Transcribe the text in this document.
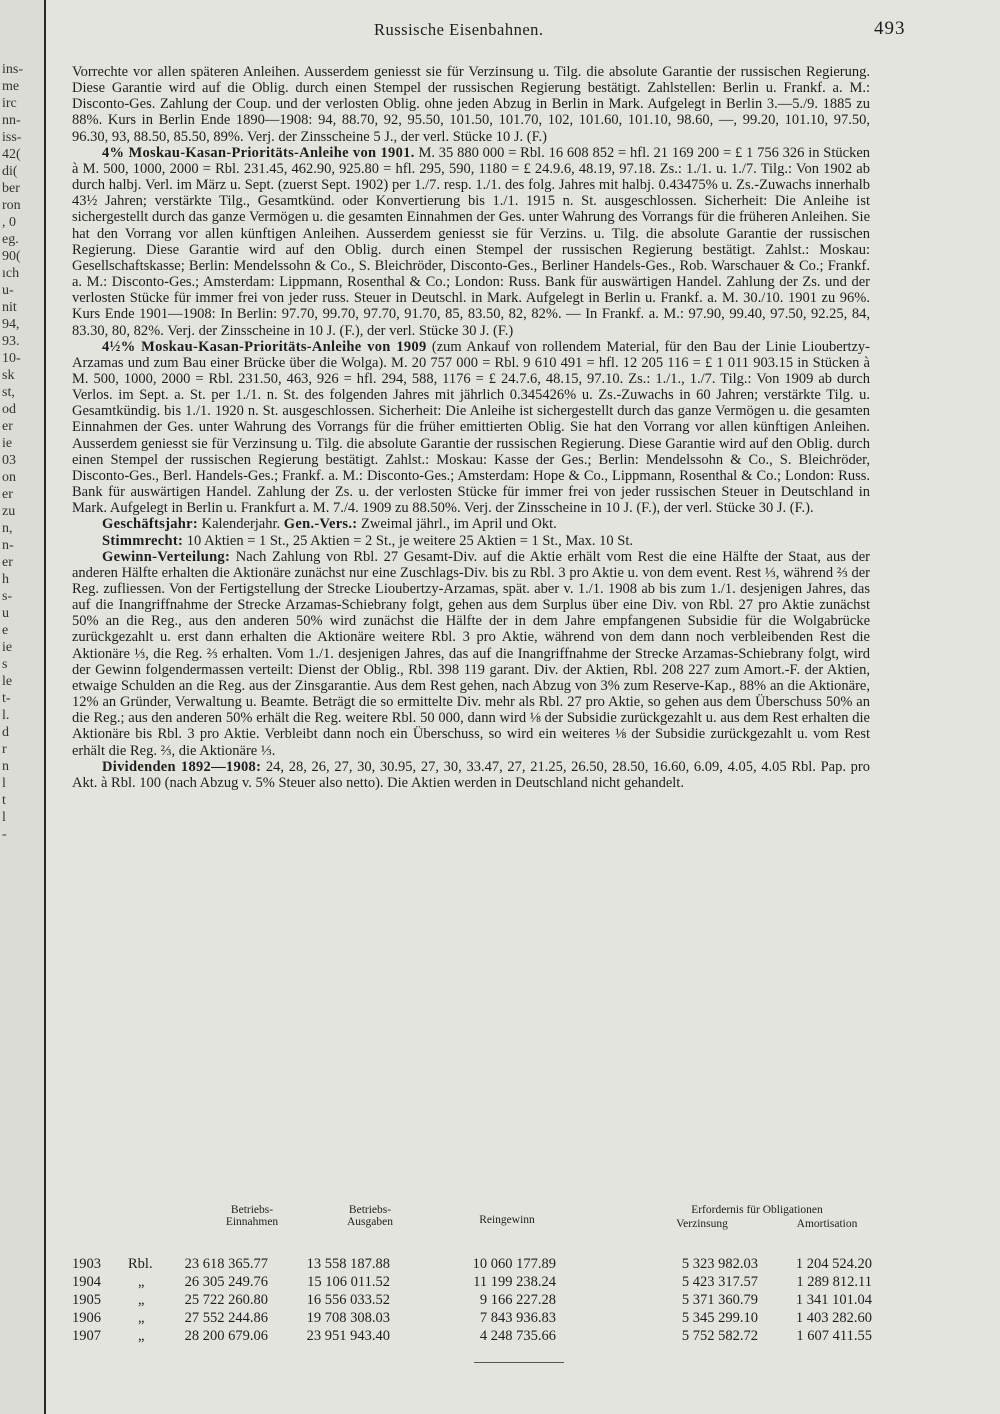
ins-
me
irc
nn-
iss-
42(
di(
ber
ron
, 0
eg.
90(
ıch
u-
nit
94,
93.
10-
sk
st,
od
er
ie
03
on
er
zu
n,
n-
er
h
s-
u
e
ie
s
le
t-
l.
d
r
n
l
t
l
-
Russische Eisenbahnen.	493

Vorrechte vor allen späteren Anleihen. Ausserdem geniesst sie für Verzinsung u. Tilg. die absolute Garantie der russischen Regierung. Diese Garantie wird auf die Oblig. durch einen Stempel der russischen Regierung bestätigt. Zahlstellen: Berlin u. Frankf. a. M.: Disconto-Ges. Zahlung der Coup. und der verlosten Oblig. ohne jeden Abzug in Berlin in Mark. Aufgelegt in Berlin 3.—5./9. 1885 zu 88%. Kurs in Berlin Ende 1890—1908: 94, 88.70, 92, 95.50, 101.50, 101.70, 102, 101.60, 101.10, 98.60, —, 99.20, 101.10, 97.50, 96.30, 93, 88.50, 85.50, 89%. Verj. der Zinsscheine 5 J., der verl. Stücke 10 J. (F.)

4% Moskau-Kasan-Prioritäts-Anleihe von 1901. M. 35 880 000 = Rbl. 16 608 852 = hfl. 21 169 200 = £ 1 756 326 in Stücken à M. 500, 1000, 2000 = Rbl. 231.45, 462.90, 925.80 = hfl. 295, 590, 1180 = £ 24.9.6, 48.19, 97.18. Zs.: 1./1. u. 1./7. Tilg.: Von 1902 ab durch halbj. Verl. im März u. Sept. (zuerst Sept. 1902) per 1./7. resp. 1./1. des folg. Jahres mit halbj. 0.43475% u. Zs.-Zuwachs innerhalb 43½ Jahren; verstärkte Tilg., Gesamtkünd. oder Konvertierung bis 1./1. 1915 n. St. ausgeschlossen. Sicherheit: Die Anleihe ist sichergestellt durch das ganze Vermögen u. die gesamten Einnahmen der Ges. unter Wahrung des Vorrangs für die früheren Anleihen. Sie hat den Vorrang vor allen künftigen Anleihen. Ausserdem geniesst sie für Verzins. u. Tilg. die absolute Garantie der russischen Regierung. Diese Garantie wird auf den Oblig. durch einen Stempel der russischen Regierung bestätigt. Zahlst.: Moskau: Gesellschaftskasse; Berlin: Mendelssohn & Co., S. Bleichröder, Disconto-Ges., Berliner Handels-Ges., Rob. Warschauer & Co.; Frankf. a. M.: Disconto-Ges.; Amsterdam: Lippmann, Rosenthal & Co.; London: Russ. Bank für auswärtigen Handel. Zahlung der Zs. und der verlosten Stücke für immer frei von jeder russ. Steuer in Deutschl. in Mark. Aufgelegt in Berlin u. Frankf. a. M. 30./10. 1901 zu 96%. Kurs Ende 1901—1908: In Berlin: 97.70, 99.70, 97.70, 91.70, 85, 83.50, 82, 82%. — In Frankf. a. M.: 97.90, 99.40, 97.50, 92.25, 84, 83.30, 80, 82%. Verj. der Zinsscheine in 10 J. (F.), der verl. Stücke 30 J. (F.)

4½% Moskau-Kasan-Prioritäts-Anleihe von 1909 (zum Ankauf von rollendem Material, für den Bau der Linie Lioubertzy-Arzamas und zum Bau einer Brücke über die Wolga). M. 20 757 000 = Rbl. 9 610 491 = hfl. 12 205 116 = £ 1 011 903.15 in Stücken à M. 500, 1000, 2000 = Rbl. 231.50, 463, 926 = hfl. 294, 588, 1176 = £ 24.7.6, 48.15, 97.10. Zs.: 1./1., 1./7. Tilg.: Von 1909 ab durch Verlos. im Sept. a. St. per 1./1. n. St. des folgenden Jahres mit jährlich 0.345426% u. Zs.-Zuwachs in 60 Jahren; verstärkte Tilg. u. Gesamtkündig. bis 1./1. 1920 n. St. ausgeschlossen. Sicherheit: Die Anleihe ist sichergestellt durch das ganze Vermögen u. die gesamten Einnahmen der Ges. unter Wahrung des Vorrangs für die früher emittierten Oblig. Sie hat den Vorrang vor allen künftigen Anleihen. Ausserdem geniesst sie für Verzinsung u. Tilg. die absolute Garantie der russischen Regierung. Diese Garantie wird auf den Oblig. durch einen Stempel der russischen Regierung bestätigt. Zahlst.: Moskau: Kasse der Ges.; Berlin: Mendelssohn & Co., S. Bleichröder, Disconto-Ges., Berl. Handels-Ges.; Frankf. a. M.: Disconto-Ges.; Amsterdam: Hope & Co., Lippmann, Rosenthal & Co.; London: Russ. Bank für auswärtigen Handel. Zahlung der Zs. u. der verlosten Stücke für immer frei von jeder russischen Steuer in Deutschland in Mark. Aufgelegt in Berlin u. Frankfurt a. M. 7./4. 1909 zu 88.50%. Verj. der Zinsscheine in 10 J. (F.), der verl. Stücke 30 J. (F.).

Geschäftsjahr: Kalenderjahr. Gen.-Vers.: Zweimal jährl., im April und Okt.

Stimmrecht: 10 Aktien = 1 St., 25 Aktien = 2 St., je weitere 25 Aktien = 1 St., Max. 10 St.

Gewinn-Verteilung: Nach Zahlung von Rbl. 27 Gesamt-Div. auf die Aktie erhält vom Rest die eine Hälfte der Staat, aus der anderen Hälfte erhalten die Aktionäre zunächst nur eine Zuschlags-Div. bis zu Rbl. 3 pro Aktie u. von dem event. Rest ⅓, während ⅔ der Reg. zufliessen. Von der Fertigstellung der Strecke Lioubertzy-Arzamas, spät. aber v. 1./1. 1908 ab bis zum 1./1. desjenigen Jahres, das auf die Inangriffnahme der Strecke Arzamas-Schiebrany folgt, gehen aus dem Surplus über eine Div. von Rbl. 27 pro Aktie zunächst 50% an die Reg., aus den anderen 50% wird zunächst die Hälfte der in dem Jahre empfangenen Subsidie für die Wolgabrücke zurückgezahlt u. erst dann erhalten die Aktionäre weitere Rbl. 3 pro Aktie, während von dem dann noch verbleibenden Rest die Aktionäre ⅓, die Reg. ⅔ erhalten. Vom 1./1. desjenigen Jahres, das auf die Inangriffnahme der Strecke Arzamas-Schiebrany folgt, wird der Gewinn folgendermassen verteilt: Dienst der Oblig., Rbl. 398 119 garant. Div. der Aktien, Rbl. 208 227 zum Amort.-F. der Aktien, etwaige Schulden an die Reg. aus der Zinsgarantie. Aus dem Rest gehen, nach Abzug von 3% zum Reserve-Kap., 88% an die Aktionäre, 12% an Gründer, Verwaltung u. Beamte. Beträgt die so ermittelte Div. mehr als Rbl. 27 pro Aktie, so gehen aus dem Überschuss 50% an die Reg.; aus den anderen 50% erhält die Reg. weitere Rbl. 50 000, dann wird ⅛ der Subsidie zurückgezahlt u. aus dem Rest erhalten die Aktionäre bis Rbl. 3 pro Aktie. Verbleibt dann noch ein Überschuss, so wird ein weiteres ⅛ der Subsidie zurückgezahlt u. vom Rest erhält die Reg. ⅔, die Aktionäre ⅓.

Dividenden 1892—1908: 24, 28, 26, 27, 30, 30.95, 27, 30, 33.47, 27, 21.25, 26.50, 28.50, 16.60, 6.09, 4.05, 4.05 Rbl. Pap. pro Akt. à Rbl. 100 (nach Abzug v. 5% Steuer also netto). Die Aktien werden in Deutschland nicht gehandelt.

Betriebs-
Einnahmen
Betriebs-
Ausgaben	Reingewinn
Erfordernis für Obligationen
Verzinsung	Amortisation
1903 Rbl.	23 618 365.77	13 558 187.88	10 060 177.89	5 323 982.03	1 204 524.20
1904	„	26 305 249.76	15 106 011.52	11 199 238.24	5 423 317.57	1 289 812.11
1905	„	25 722 260.80	16 556 033.52	9 166 227.28	5 371 360.79	1 341 101.04
1906	„	27 552 244.86	19 708 308.03	7 843 936.83	5 345 299.10	1 403 282.60
1907	„	28 200 679.06	23 951 943.40	4 248 735.66	5 752 582.72	1 607 411.55
